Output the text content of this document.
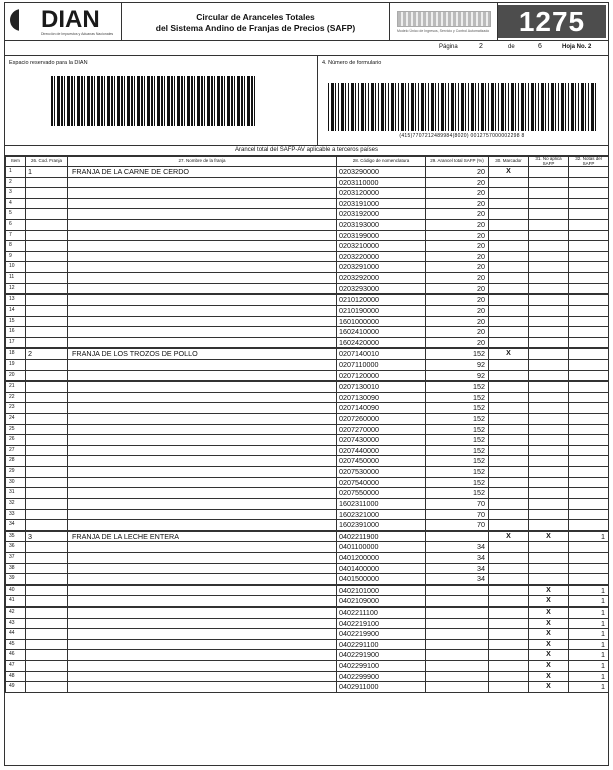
DIAN
Dirección de Impuestos y Aduanas Nacionales
Circular de Aranceles Totales
del Sistema Andino de Franjas de Precios (SAFP)	Modelo Único de Ingresos, Servicio y Control Automatizado	1275
Página	2	de	6	Hoja No. 2
Espacio reservado para la DIAN	4. Número de formulario
(415)7707212489984(8020) 0012757000002298 8
Arancel total del SAFP-AV aplicable a terceros países
Item	26. Cod. Franja	27. Nombre de la franja	28. Código de nomenclatura	29. Arancel total SAFP (%)	30. Marcador	31. No aplica SAFP	32. Notas del SAFP
1	1	FRANJA DE LA CARNE DE CERDO	0203290000	20	X		
2			0203110000	20			
3			0203120000	20			
4			0203191000	20			
5			0203192000	20			
6			0203193000	20			
7			0203199000	20			
8			0203210000	20			
9			0203220000	20			
10			0203291000	20			
11			0203292000	20			
12			0203293000	20			
13			0210120000	20			
14			0210190000	20			
15			1601000000	20			
16			1602410000	20			
17			1602420000	20			
18	2	FRANJA DE LOS TROZOS DE POLLO	0207140010	152	X		
19			0207110000	92			
20			0207120000	92			
21			0207130010	152			
22			0207130090	152			
23			0207140090	152			
24			0207260000	152			
25			0207270000	152			
26			0207430000	152			
27			0207440000	152			
28			0207450000	152			
29			0207530000	152			
30			0207540000	152			
31			0207550000	152			
32			1602311000	70			
33			1602321000	70			
34			1602391000	70			
35	3	FRANJA DE LA LECHE ENTERA	0402211900		X	X	1
36			0401100000	34			
37			0401200000	34			
38			0401400000	34			
39			0401500000	34			
40			0402101000			X	1
41			0402109000			X	1
42			0402211100			X	1
43			0402219100			X	1
44			0402219900			X	1
45			0402291100			X	1
46			0402291900			X	1
47			0402299100			X	1
48			0402299900			X	1
49			0402911000			X	1
